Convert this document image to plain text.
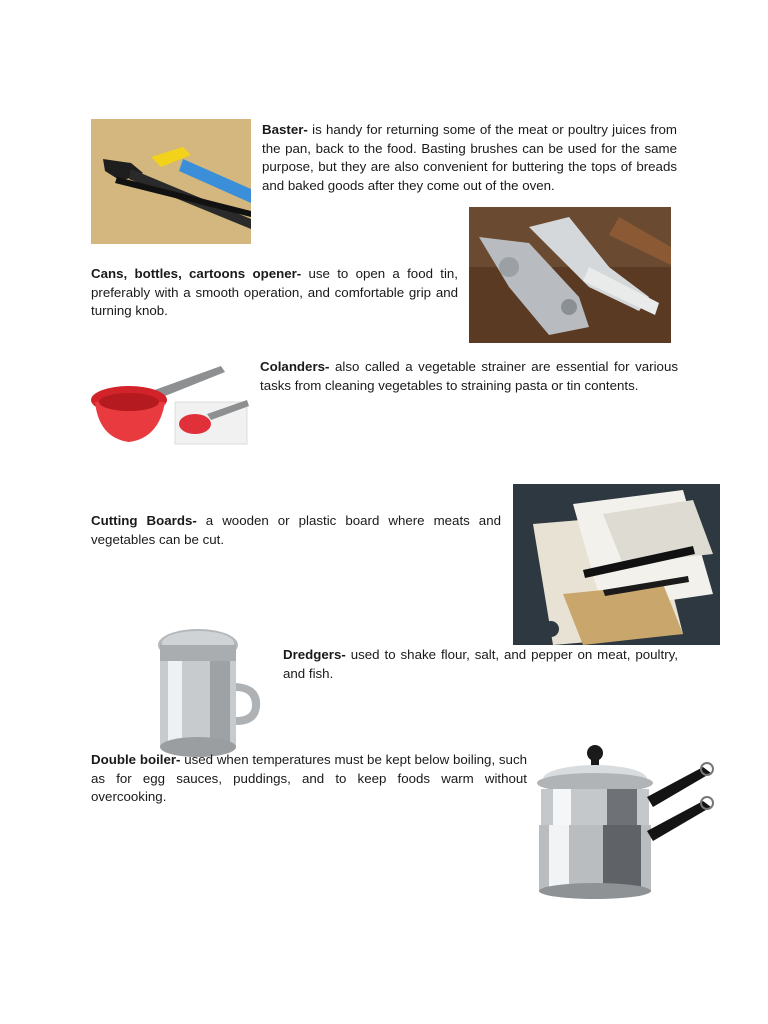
Baster- is handy for returning some of the meat or poultry juices from the pan, back to the food. Basting brushes can be used for the same purpose, but they are also convenient for buttering the tops of breads and baked goods after they come out of the oven.

Cans, bottles, cartoons opener- use to open a food tin, preferably with a smooth operation, and comfortable grip and turning knob.

Colanders- also called a vegetable strainer are essential for various tasks from cleaning vegetables to straining pasta or tin contents.

Cutting Boards- a wooden or plastic board where meats and vegetables can be cut.

Dredgers- used to shake flour, salt, and pepper on meat, poultry, and fish.

Double boiler- used when temperatures must be kept below boiling, such as for egg sauces, puddings, and to keep foods warm without overcooking.
